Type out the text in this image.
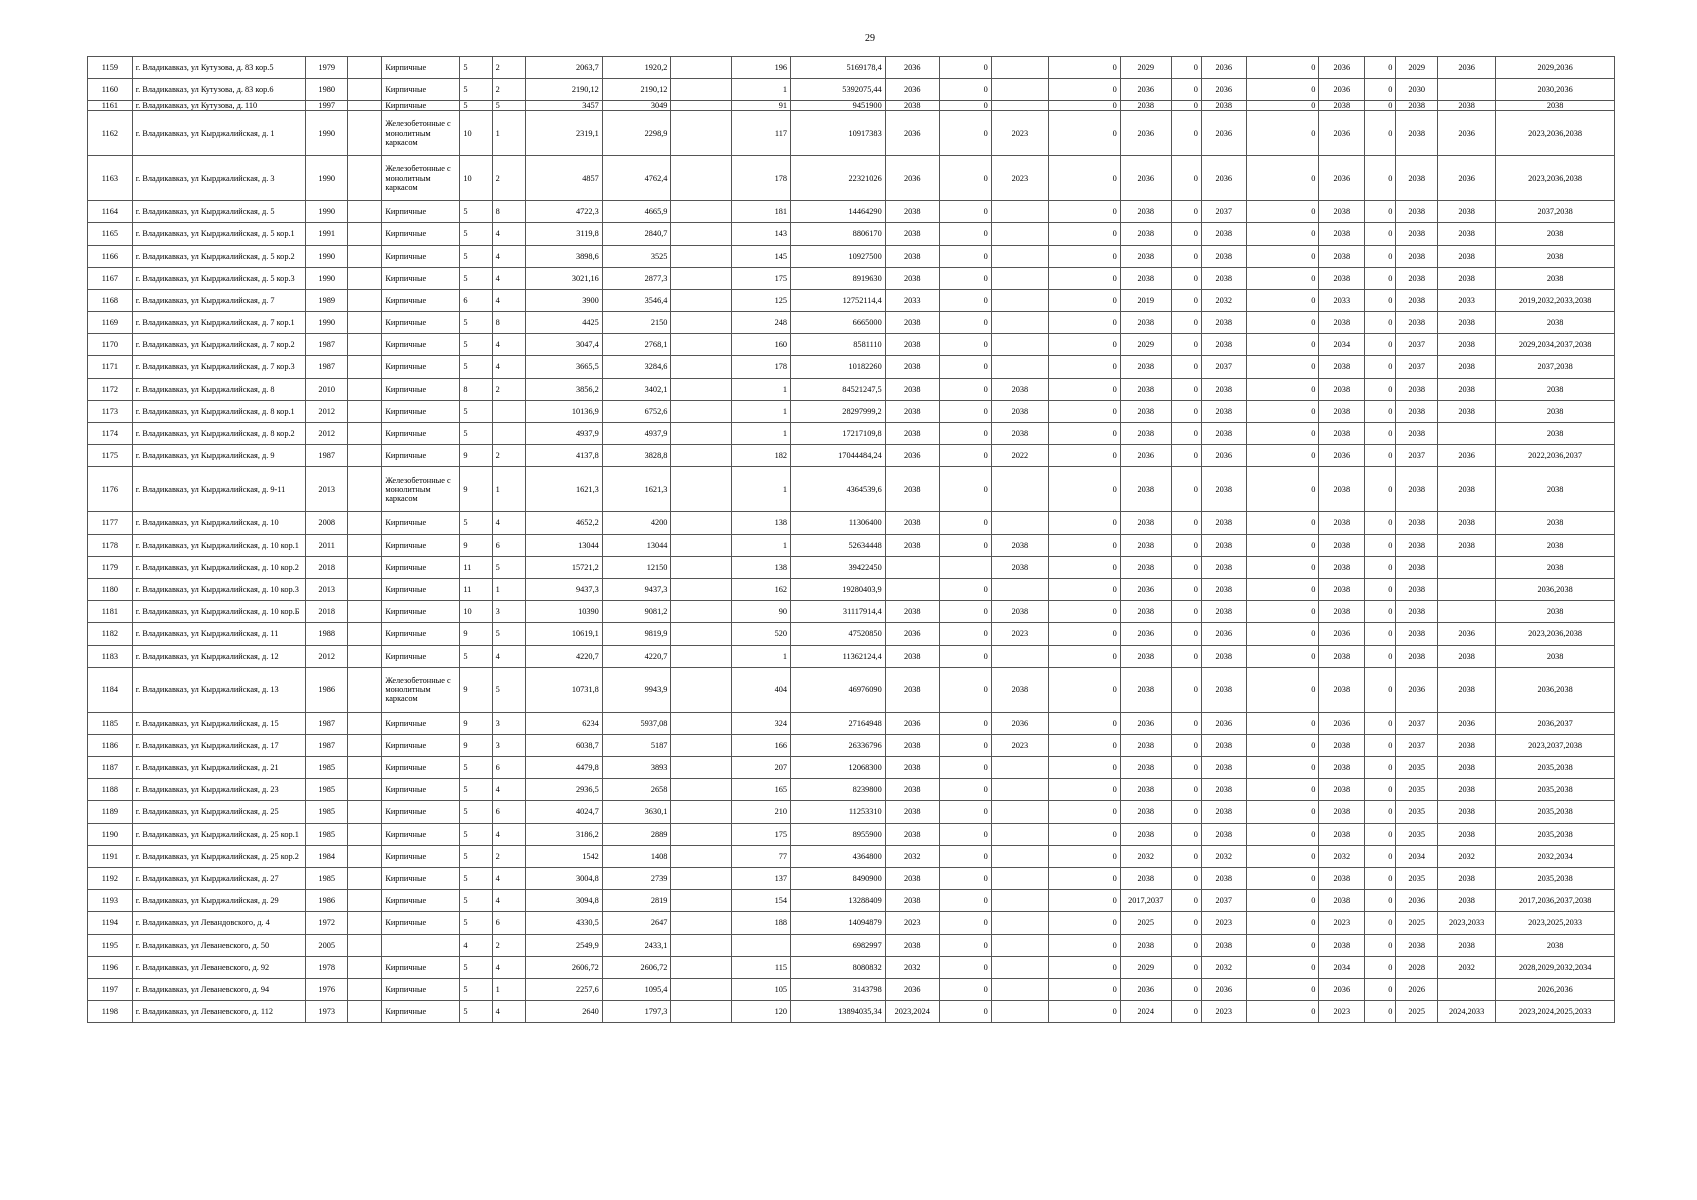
29
1159	г. Владикавказ, ул Кутузова, д. 83 кор.5	1979		Кирпичные	5	2	2063,7	1920,2		196	5169178,4	2036	0		0	2029	0	2036	0	2036	0	2029	2036	2029,2036
1160	г. Владикавказ, ул Кутузова, д. 83 кор.6	1980		Кирпичные	5	2	2190,12	2190,12		1	5392075,44	2036	0		0	2036	0	2036	0	2036	0	2030		2030,2036
1161	г. Владикавказ, ул Кутузова, д. 110	1997		Кирпичные	5	5	3457	3049		91	9451900	2038	0		0	2038	0	2038	0	2038	0	2038	2038	2038
1162	г. Владикавказ, ул Кырджалийская, д. 1	1990		Железобетонные с монолитным каркасом	10	1	2319,1	2298,9		117	10917383	2036	0	2023	0	2036	0	2036	0	2036	0	2038	2036	2023,2036,2038
1163	г. Владикавказ, ул Кырджалийская, д. 3	1990		Железобетонные с монолитным каркасом	10	2	4857	4762,4		178	22321026	2036	0	2023	0	2036	0	2036	0	2036	0	2038	2036	2023,2036,2038
1164	г. Владикавказ, ул Кырджалийская, д. 5	1990		Кирпичные	5	8	4722,3	4665,9		181	14464290	2038	0		0	2038	0	2037	0	2038	0	2038	2038	2037,2038
1165	г. Владикавказ, ул Кырджалийская, д. 5 кор.1	1991		Кирпичные	5	4	3119,8	2840,7		143	8806170	2038	0		0	2038	0	2038	0	2038	0	2038	2038	2038
1166	г. Владикавказ, ул Кырджалийская, д. 5 кор.2	1990		Кирпичные	5	4	3898,6	3525		145	10927500	2038	0		0	2038	0	2038	0	2038	0	2038	2038	2038
1167	г. Владикавказ, ул Кырджалийская, д. 5 кор.3	1990		Кирпичные	5	4	3021,16	2877,3		175	8919630	2038	0		0	2038	0	2038	0	2038	0	2038	2038	2038
1168	г. Владикавказ, ул Кырджалийская, д. 7	1989		Кирпичные	6	4	3900	3546,4		125	12752114,4	2033	0		0	2019	0	2032	0	2033	0	2038	2033	2019,2032,2033,2038
1169	г. Владикавказ, ул Кырджалийская, д. 7 кор.1	1990		Кирпичные	5	8	4425	2150		248	6665000	2038	0		0	2038	0	2038	0	2038	0	2038	2038	2038
1170	г. Владикавказ, ул Кырджалийская, д. 7 кор.2	1987		Кирпичные	5	4	3047,4	2768,1		160	8581110	2038	0		0	2029	0	2038	0	2034	0	2037	2038	2029,2034,2037,2038
1171	г. Владикавказ, ул Кырджалийская, д. 7 кор.3	1987		Кирпичные	5	4	3665,5	3284,6		178	10182260	2038	0		0	2038	0	2037	0	2038	0	2037	2038	2037,2038
1172	г. Владикавказ, ул Кырджалийская, д. 8	2010		Кирпичные	8	2	3856,2	3402,1		1	84521247,5	2038	0	2038	0	2038	0	2038	0	2038	0	2038	2038	2038
1173	г. Владикавказ, ул Кырджалийская, д. 8 кор.1	2012		Кирпичные	5		10136,9	6752,6		1	28297999,2	2038	0	2038	0	2038	0	2038	0	2038	0	2038	2038	2038
1174	г. Владикавказ, ул Кырджалийская, д. 8 кор.2	2012		Кирпичные	5		4937,9	4937,9		1	17217109,8	2038	0	2038	0	2038	0	2038	0	2038	0	2038		2038
1175	г. Владикавказ, ул Кырджалийская, д. 9	1987		Кирпичные	9	2	4137,8	3828,8		182	17044484,24	2036	0	2022	0	2036	0	2036	0	2036	0	2037	2036	2022,2036,2037
1176	г. Владикавказ, ул Кырджалийская, д. 9-11	2013		Железобетонные с монолитным каркасом	9	1	1621,3	1621,3		1	4364539,6	2038	0		0	2038	0	2038	0	2038	0	2038	2038	2038
1177	г. Владикавказ, ул Кырджалийская, д. 10	2008		Кирпичные	5	4	4652,2	4200		138	11306400	2038	0		0	2038	0	2038	0	2038	0	2038	2038	2038
1178	г. Владикавказ, ул Кырджалийская, д. 10 кор.1	2011		Кирпичные	9	6	13044	13044		1	52634448	2038	0	2038	0	2038	0	2038	0	2038	0	2038	2038	2038
1179	г. Владикавказ, ул Кырджалийская, д. 10 кор.2	2018		Кирпичные	11	5	15721,2	12150		138	39422450			2038	0	2038	0	2038	0	2038	0	2038		2038
1180	г. Владикавказ, ул Кырджалийская, д. 10 кор.3	2013		Кирпичные	11	1	9437,3	9437,3		162	19280403,9		0		0	2036	0	2038	0	2038	0	2038		2036,2038
1181	г. Владикавказ, ул Кырджалийская, д. 10 кор.Б	2018		Кирпичные	10	3	10390	9081,2		90	31117914,4	2038	0	2038	0	2038	0	2038	0	2038	0	2038		2038
1182	г. Владикавказ, ул Кырджалийская, д. 11	1988		Кирпичные	9	5	10619,1	9819,9		520	47520850	2036	0	2023	0	2036	0	2036	0	2036	0	2038	2036	2023,2036,2038
1183	г. Владикавказ, ул Кырджалийская, д. 12	2012		Кирпичные	5	4	4220,7	4220,7		1	11362124,4	2038	0		0	2038	0	2038	0	2038	0	2038	2038	2038
1184	г. Владикавказ, ул Кырджалийская, д. 13	1986		Железобетонные с монолитным каркасом	9	5	10731,8	9943,9		404	46976090	2038	0	2038	0	2038	0	2038	0	2038	0	2036	2038	2036,2038
1185	г. Владикавказ, ул Кырджалийская, д. 15	1987		Кирпичные	9	3	6234	5937,08		324	27164948	2036	0	2036	0	2036	0	2036	0	2036	0	2037	2036	2036,2037
1186	г. Владикавказ, ул Кырджалийская, д. 17	1987		Кирпичные	9	3	6038,7	5187		166	26336796	2038	0	2023	0	2038	0	2038	0	2038	0	2037	2038	2023,2037,2038
1187	г. Владикавказ, ул Кырджалийская, д. 21	1985		Кирпичные	5	6	4479,8	3893		207	12068300	2038	0		0	2038	0	2038	0	2038	0	2035	2038	2035,2038
1188	г. Владикавказ, ул Кырджалийская, д. 23	1985		Кирпичные	5	4	2936,5	2658		165	8239800	2038	0		0	2038	0	2038	0	2038	0	2035	2038	2035,2038
1189	г. Владикавказ, ул Кырджалийская, д. 25	1985		Кирпичные	5	6	4024,7	3630,1		210	11253310	2038	0		0	2038	0	2038	0	2038	0	2035	2038	2035,2038
1190	г. Владикавказ, ул Кырджалийская, д. 25 кор.1	1985		Кирпичные	5	4	3186,2	2889		175	8955900	2038	0		0	2038	0	2038	0	2038	0	2035	2038	2035,2038
1191	г. Владикавказ, ул Кырджалийская, д. 25 кор.2	1984		Кирпичные	5	2	1542	1408		77	4364800	2032	0		0	2032	0	2032	0	2032	0	2034	2032	2032,2034
1192	г. Владикавказ, ул Кырджалийская, д. 27	1985		Кирпичные	5	4	3004,8	2739		137	8490900	2038	0		0	2038	0	2038	0	2038	0	2035	2038	2035,2038
1193	г. Владикавказ, ул Кырджалийская, д. 29	1986		Кирпичные	5	4	3094,8	2819		154	13288409	2038	0		0	2017,2037	0	2037	0	2038	0	2036	2038	2017,2036,2037,2038
1194	г. Владикавказ, ул Левандовского, д. 4	1972		Кирпичные	5	6	4330,5	2647		188	14094879	2023	0		0	2025	0	2023	0	2023	0	2025	2023,2033	2023,2025,2033
1195	г. Владикавказ, ул Леваневского, д. 50	2005			4	2	2549,9	2433,1			6982997	2038	0		0	2038	0	2038	0	2038	0	2038	2038	2038
1196	г. Владикавказ, ул Леваневского, д. 92	1978		Кирпичные	5	4	2606,72	2606,72		115	8080832	2032	0		0	2029	0	2032	0	2034	0	2028	2032	2028,2029,2032,2034
1197	г. Владикавказ, ул Леваневского, д. 94	1976		Кирпичные	5	1	2257,6	1095,4		105	3143798	2036	0		0	2036	0	2036	0	2036	0	2026		2026,2036
1198	г. Владикавказ, ул Леваневского, д. 112	1973		Кирпичные	5	4	2640	1797,3		120	13894035,34	2023,2024	0		0	2024	0	2023	0	2023	0	2025	2024,2033	2023,2024,2025,2033
